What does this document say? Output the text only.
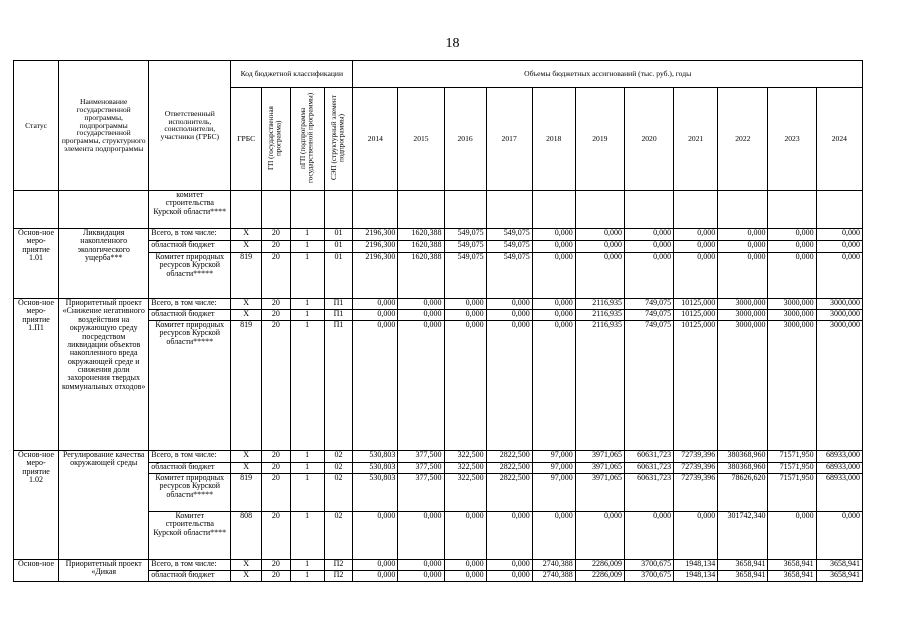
18
Статус	Наименование государственной программы, подпрограммы государственной программы, структурного элемента подпрограммы	Ответственный исполнитель, соисполнители, участники (ГРБС)	Код бюджетной классификации				Объемы бюджетных ассигнований (тыс. руб.), годы										
			ГРБС	ГП (государственная программа)	пГП (подпрограмма государственной программы)	СЭП (структурный элемент подпрограммы)	2014	2015	2016	2017	2018	2019	2020	2021	2022	2023	2024
		комитет строительства Курской области****															
Основ-ное меро-приятие 1.01	Ликвидация накопленного экологического ущерба***	Всего, в том числе:	X	20	1	01	2196,300	1620,388	549,075	549,075	0,000	0,000	0,000	0,000	0,000	0,000	0,000
		областной бюджет	X	20	1	01	2196,300	1620,388	549,075	549,075	0,000	0,000	0,000	0,000	0,000	0,000	0,000
		Комитет природных ресурсов Курской области*****	819	20	1	01	2196,300	1620,388	549,075	549,075	0,000	0,000	0,000	0,000	0,000	0,000	0,000
Основ-ное меро-приятие 1.П1	Приоритетный проект «Снижение негативного воздействия на окружающую среду посредством ликвидации объектов накопленного вреда окружающей среде и снижения доли захоронения твердых коммунальных отходов»	Всего, в том числе:	X	20	1	П1	0,000	0,000	0,000	0,000	0,000	2116,935	749,075	10125,000	3000,000	3000,000	3000,000
		областной бюджет	X	20	1	П1	0,000	0,000	0,000	0,000	0,000	2116,935	749,075	10125,000	3000,000	3000,000	3000,000
		Комитет природных ресурсов Курской области*****	819	20	1	П1	0,000	0,000	0,000	0,000	0,000	2116,935	749,075	10125,000	3000,000	3000,000	3000,000
Основ-ное меро-приятие 1.02	Регулирование качества окружающей среды	Всего, в том числе:	X	20	1	02	530,803	377,500	322,500	2822,500	97,000	3971,065	60631,723	72739,396	380368,960	71571,950	68933,000
		областной бюджет	X	20	1	02	530,803	377,500	322,500	2822,500	97,000	3971,065	60631,723	72739,396	380368,960	71571,950	68933,000
		Комитет природных ресурсов Курской области*****	819	20	1	02	530,803	377,500	322,500	2822,500	97,000	3971,065	60631,723	72739,396	78626,620	71571,950	68933,000
		Комитет строительства Курской области****	808	20	1	02	0,000	0,000	0,000	0,000	0,000	0,000	0,000	0,000	301742,340	0,000	0,000
Основ-ное	Приоритетный проект «Дикая	Всего, в том числе:	X	20	1	П2	0,000	0,000	0,000	0,000	2740,388	2286,009	3700,675	1948,134	3658,941	3658,941	3658,941
		областной бюджет	X	20	1	П2	0,000	0,000	0,000	0,000	2740,388	2286,009	3700,675	1948,134	3658,941	3658,941	3658,941
